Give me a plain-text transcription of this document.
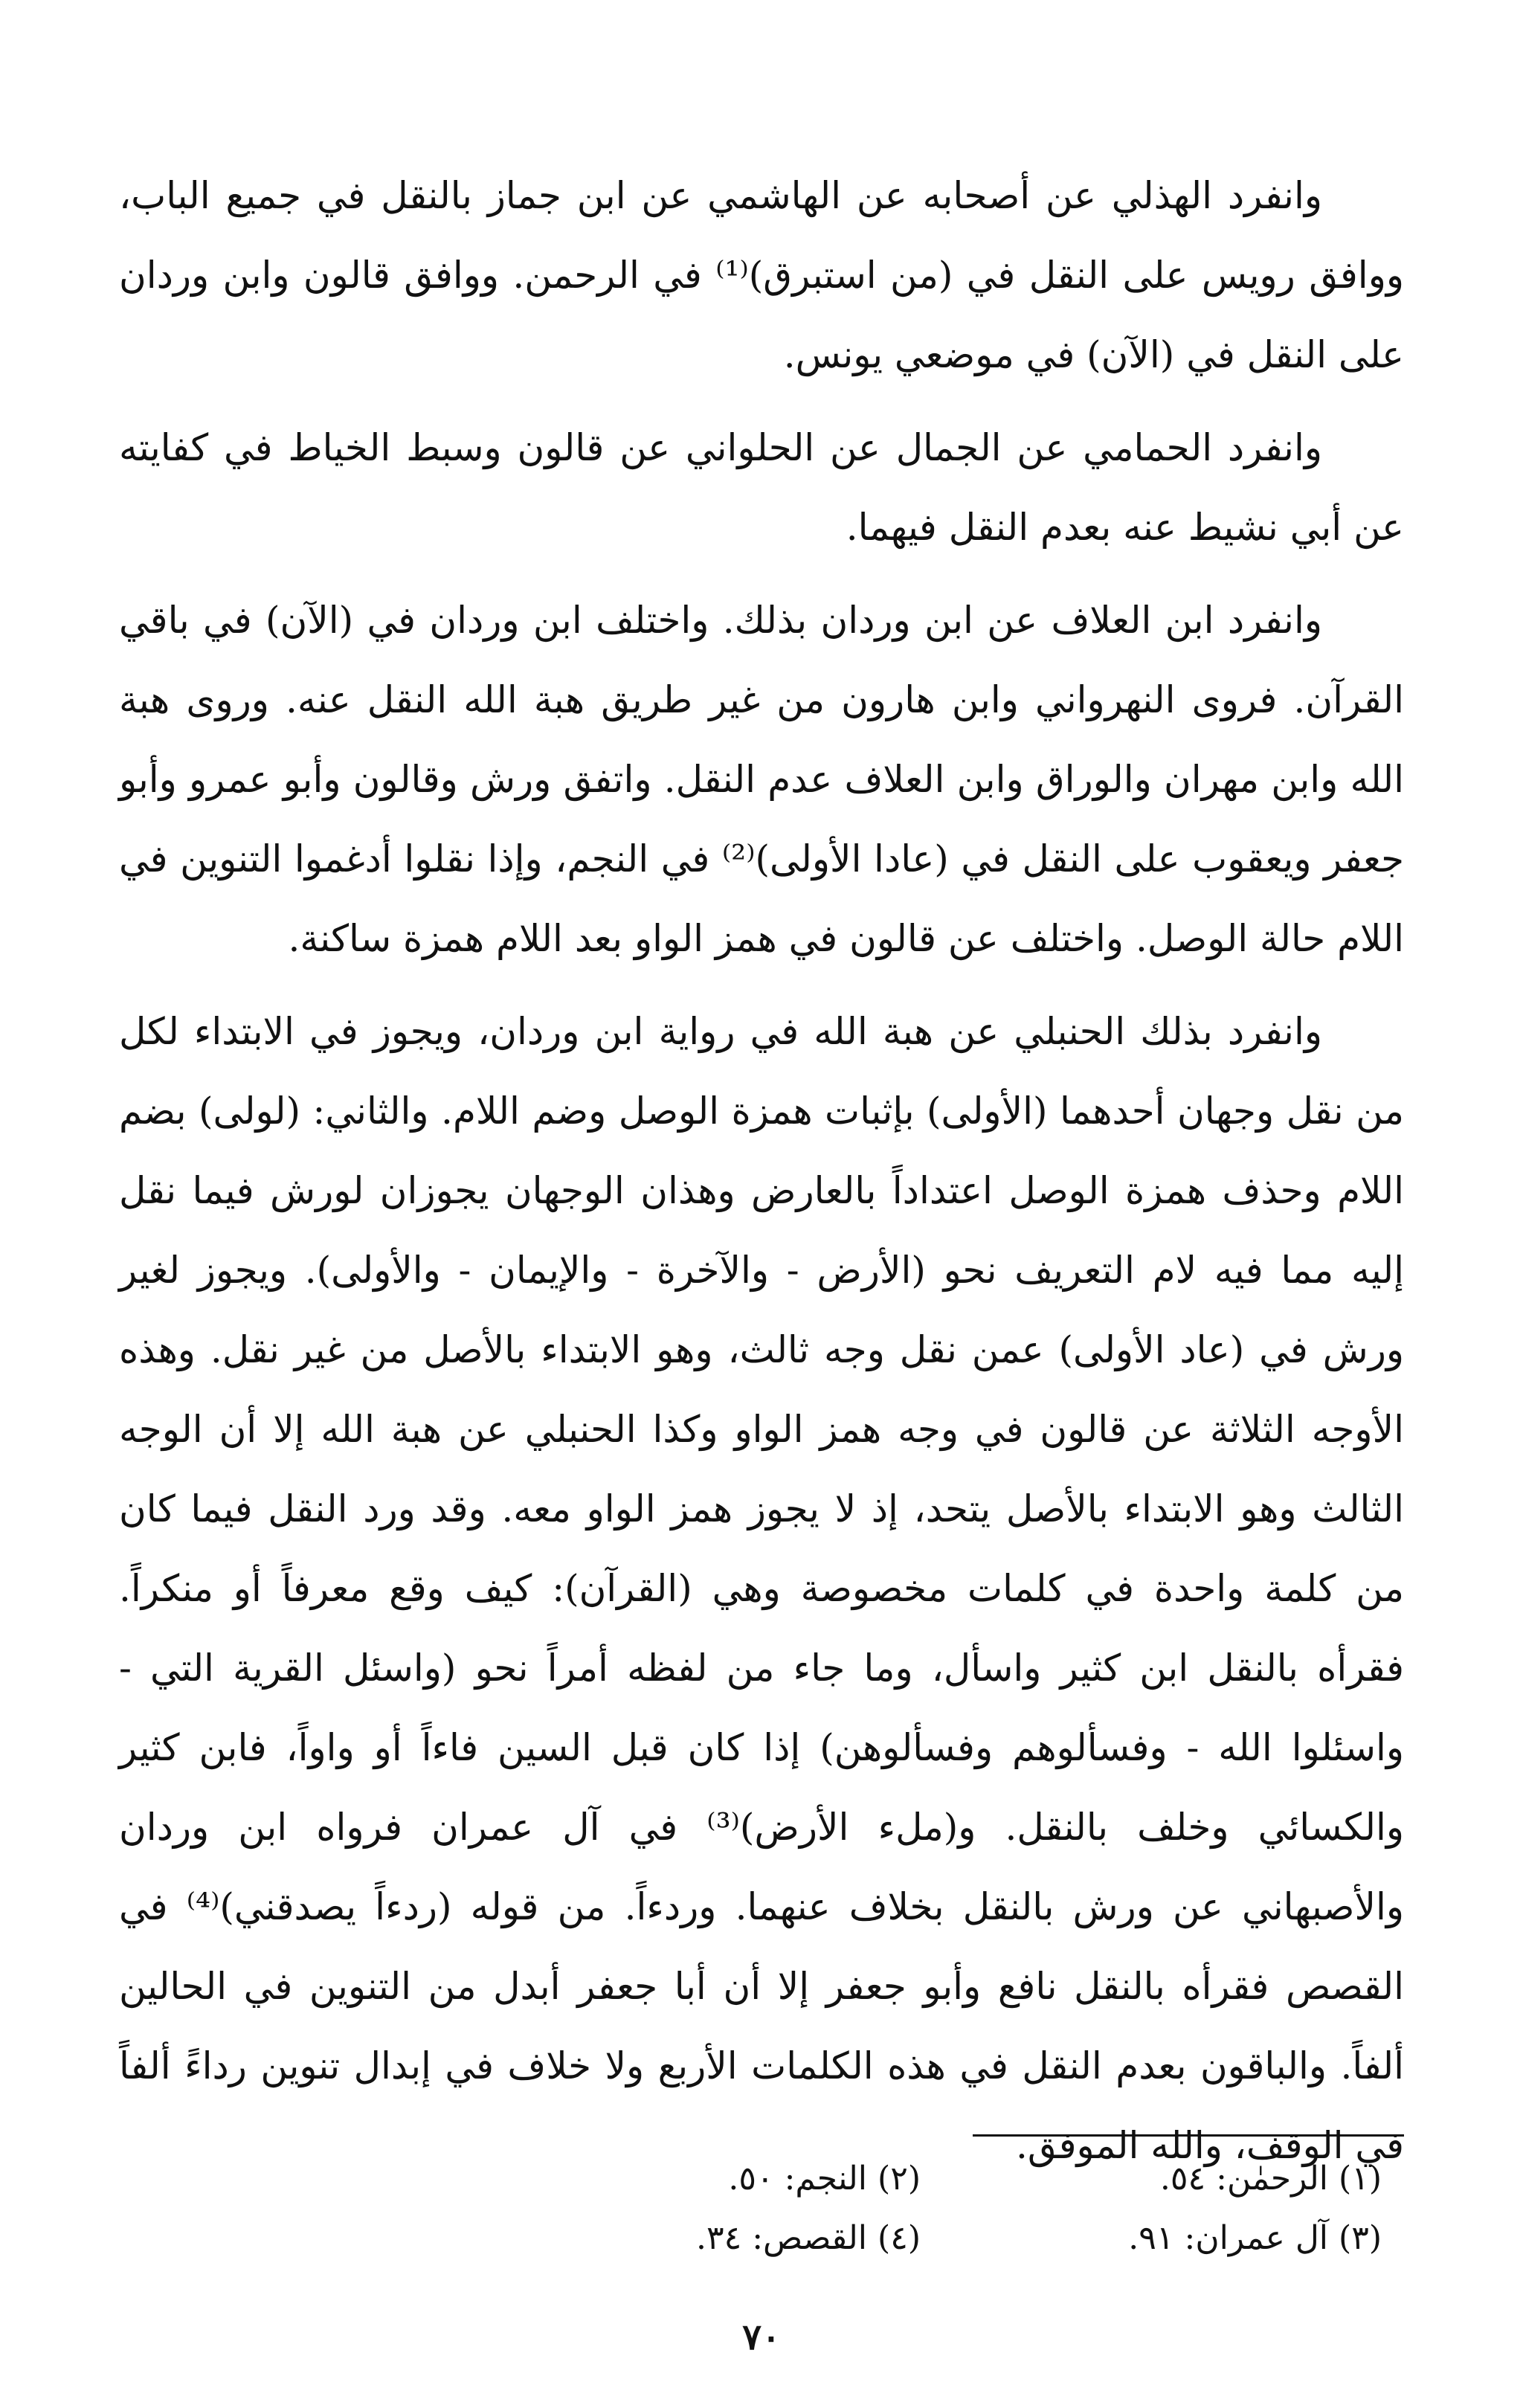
وانفرد الهذلي عن أصحابه عن الهاشمي عن ابن جماز بالنقل في جميع الباب، ووافق رويس على النقل في (من استبرق)⁽¹⁾ في الرحمن. ووافق قالون وابن وردان على النقل في (الآن) في موضعي يونس.

وانفرد الحمامي عن الجمال عن الحلواني عن قالون وسبط الخياط في كفايته عن أبي نشيط عنه بعدم النقل فيهما.

وانفرد ابن العلاف عن ابن وردان بذلك. واختلف ابن وردان في (الآن) في باقي القرآن. فروى النهرواني وابن هارون من غير طريق هبة الله النقل عنه. وروى هبة الله وابن مهران والوراق وابن العلاف عدم النقل. واتفق ورش وقالون وأبو عمرو وأبو جعفر ويعقوب على النقل في (عادا الأولى)⁽²⁾ في النجم، وإذا نقلوا أدغموا التنوين في اللام حالة الوصل. واختلف عن قالون في همز الواو بعد اللام همزة ساكنة.

وانفرد بذلك الحنبلي عن هبة الله في رواية ابن وردان، ويجوز في الابتداء لكل من نقل وجهان أحدهما (الأولى) بإثبات همزة الوصل وضم اللام. والثاني: (لولى) بضم اللام وحذف همزة الوصل اعتداداً بالعارض وهذان الوجهان يجوزان لورش فيما نقل إليه مما فيه لام التعريف نحو (الأرض - والآخرة - والإيمان - والأولى). ويجوز لغير ورش في (عاد الأولى) عمن نقل وجه ثالث، وهو الابتداء بالأصل من غير نقل. وهذه الأوجه الثلاثة عن قالون في وجه همز الواو وكذا الحنبلي عن هبة الله إلا أن الوجه الثالث وهو الابتداء بالأصل يتحد، إذ لا يجوز همز الواو معه. وقد ورد النقل فيما كان من كلمة واحدة في كلمات مخصوصة وهي (القرآن): كيف وقع معرفاً أو منكراً. فقرأه بالنقل ابن كثير واسأل، وما جاء من لفظه أمراً نحو (واسئل القرية التي - واسئلوا الله - وفسألوهم وفسألوهن) إذا كان قبل السين فاءاً أو واواً، فابن كثير والكسائي وخلف بالنقل. و(ملء الأرض)⁽³⁾ في آل عمران فرواه ابن وردان والأصبهاني عن ورش بالنقل بخلاف عنهما. وردءاً. من قوله (ردءاً يصدقني)⁽⁴⁾ في القصص فقرأه بالنقل نافع وأبو جعفر إلا أن أبا جعفر أبدل من التنوين في الحالين ألفاً. والباقون بعدم النقل في هذه الكلمات الأربع ولا خلاف في إبدال تنوين رداءً ألفاً في الوقف، والله الموفق.

(١) الرحمٰن: ٥٤.
(٢) النجم: ٥٠.
(٣) آل عمران: ٩١.
(٤) القصص: ٣٤.
٧٠
